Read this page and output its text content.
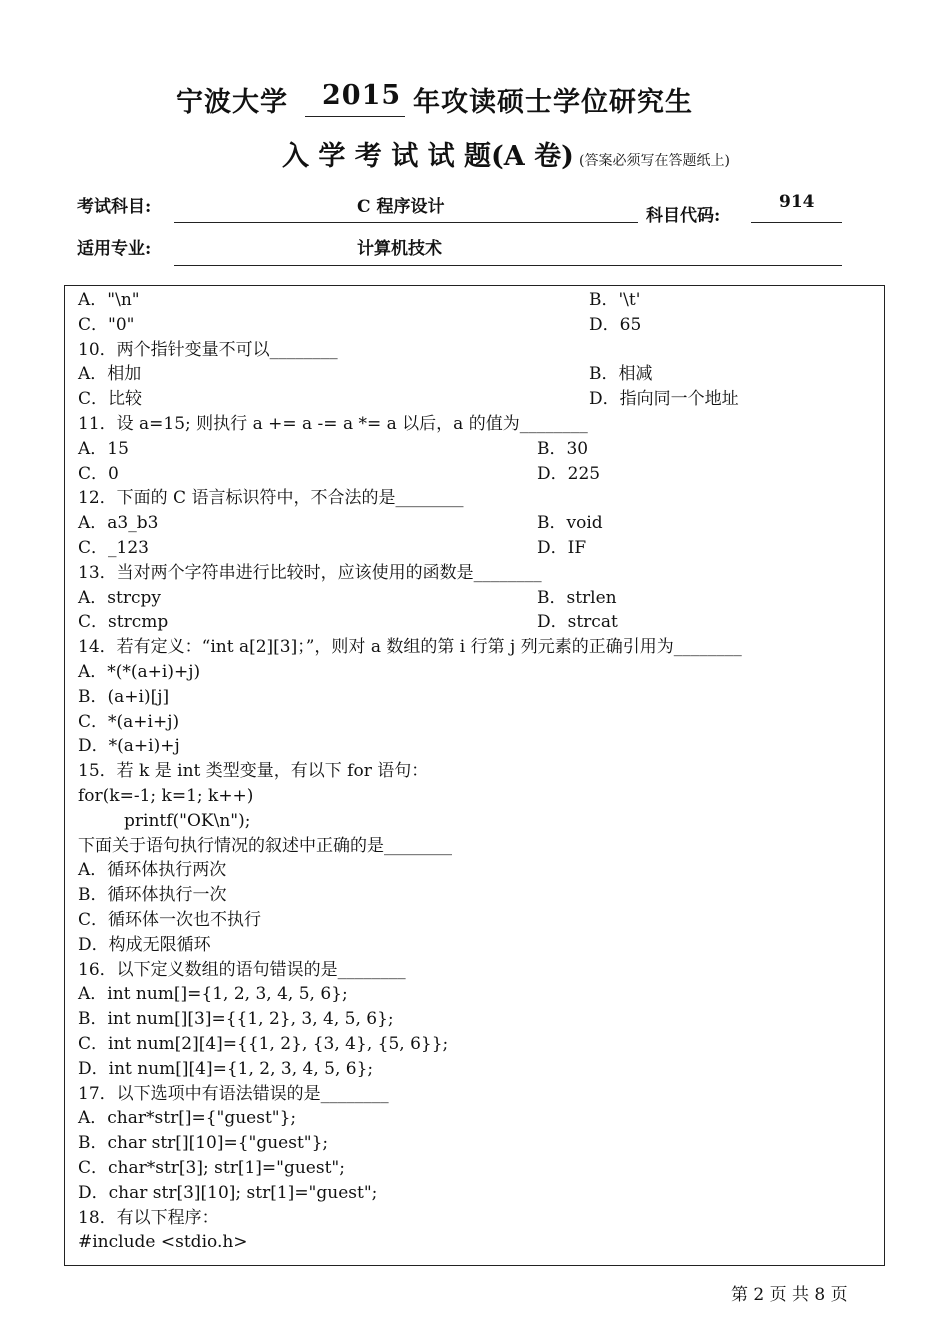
宁波大学 2015 年攻读硕士学位研究生
入 学 考 试 试 题(A 卷) (答案必须写在答题纸上)
考试科目:	C 程序设计	科目代码:
914
适用专业:	计算机技术
A．"\n"	B．'\t'
C．"0"	D．65
10．两个指针变量不可以________
A．相加	B．相减
C．比较	D．指向同一个地址
11．设 a=15; 则执行 a += a -= a *= a 以后，a 的值为________
A．15	B．30
C．0	D．225
12．下面的 C 语言标识符中，不合法的是________
A．a3_b3	B．void
C．_123	D．IF
13．当对两个字符串进行比较时，应该使用的函数是________
A．strcpy	B．strlen
C．strcmp	D．strcat
14．若有定义：“int a[2][3]；”，则对 a 数组的第 i 行第 j 列元素的正确引用为________
A．*(*(a+i)+j)
B．(a+i)[j]
C．*(a+i+j)
D．*(a+i)+j
15．若 k 是 int 类型变量，有以下 for 语句：
for(k=-1; k=1; k++)
printf("OK\n");
下面关于语句执行情况的叙述中正确的是________
A．循环体执行两次
B．循环体执行一次
C．循环体一次也不执行
D．构成无限循环
16．以下定义数组的语句错误的是________
A．int num[]={1, 2, 3, 4, 5, 6};
B．int num[][3]={{1, 2}, 3, 4, 5, 6};
C．int num[2][4]={{1, 2}, {3, 4}, {5, 6}};
D．int num[][4]={1, 2, 3, 4, 5, 6};
17．以下选项中有语法错误的是________
A．char*str[]={"guest"};
B．char str[][10]={"guest"};
C．char*str[3]; str[1]="guest";
D．char str[3][10]; str[1]="guest";
18．有以下程序：
#include <stdio.h>
第 2 页 共 8 页
